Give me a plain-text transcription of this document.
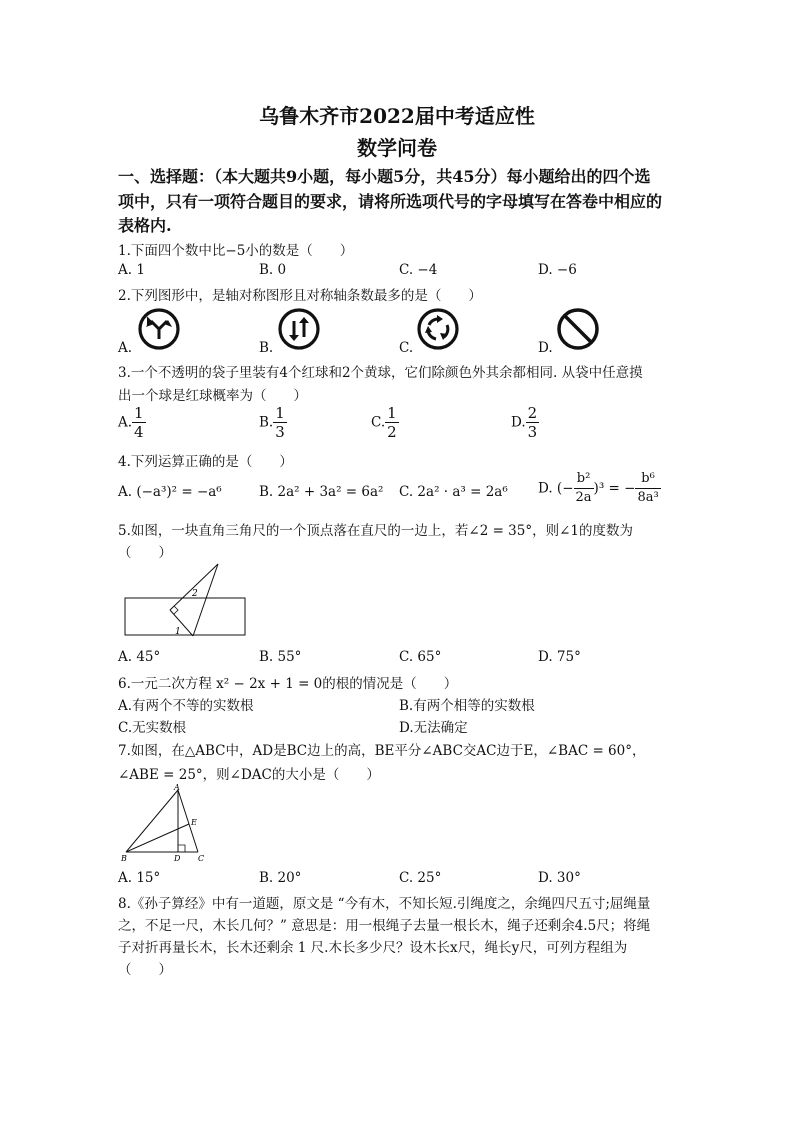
乌鲁木齐市2022届中考适应性
数学问卷
一、选择题：（本大题共9小题，每小题5分，共45分）每小题给出的四个选
项中，只有一项符合题目的要求，请将所选项代号的字母填写在答卷中相应的
表格内.
1.下面四个数中比−5小的数是（　　）
A. 1	B. 0	C. −4	D. −6
2.下列图形中，是轴对称图形且对称轴条数最多的是（　　）
A.	B.	C.	D.
3.一个不透明的袋子里装有4个红球和2个黄球，它们除颜色外其余都相同. 从袋中任意摸
出一个球是红球概率为（　　）
A. $\frac{1}{4}$	B. $\frac{1}{3}$	C. $\frac{1}{2}$	D. $\frac{2}{3}$
4.下列运算正确的是（　　）
A. (−a³)² = −a⁶	B. 2a² + 3a² = 6a² C. 2a² · a³ = 2a⁶ D. (− $\frac{\text{b²}}{2a} )^3$ = − $\frac{\text{b⁶}}{\text{8a³}}$
5.如图，一块直角三角尺的一个顶点落在直尺的一边上，若∠2 = 35°，则∠1的度数为
（　　）
2
1
A. 45°	B. 55°	C. 65°	D. 75°
6.一元二次方程 x² − 2x + 1 = 0的根的情况是（　　）
A.有两个不等的实数根	B.有两个相等的实数根
C.无实数根	D.无法确定
7.如图，在△ABC中，AD是BC边上的高，BE平分∠ABC交AC边于E，∠BAC = 60°，
∠ABE = 25°，则∠DAC的大小是（　　）
A
B	C
D
E
A. 15°	B. 20°	C. 25°	D. 30°
8.《孙子算经》中有一道题，原文是 “今有木，不知长短.引绳度之，余绳四尺五寸;屈绳量
之，不足一尺，木长几何？” 意思是：用一根绳子去量一根长木，绳子还剩余4.5尺；将绳
子对折再量长木，长木还剩余 1 尺.木长多少尺？设木长x尺，绳长y尺，可列方程组为
（　　）
